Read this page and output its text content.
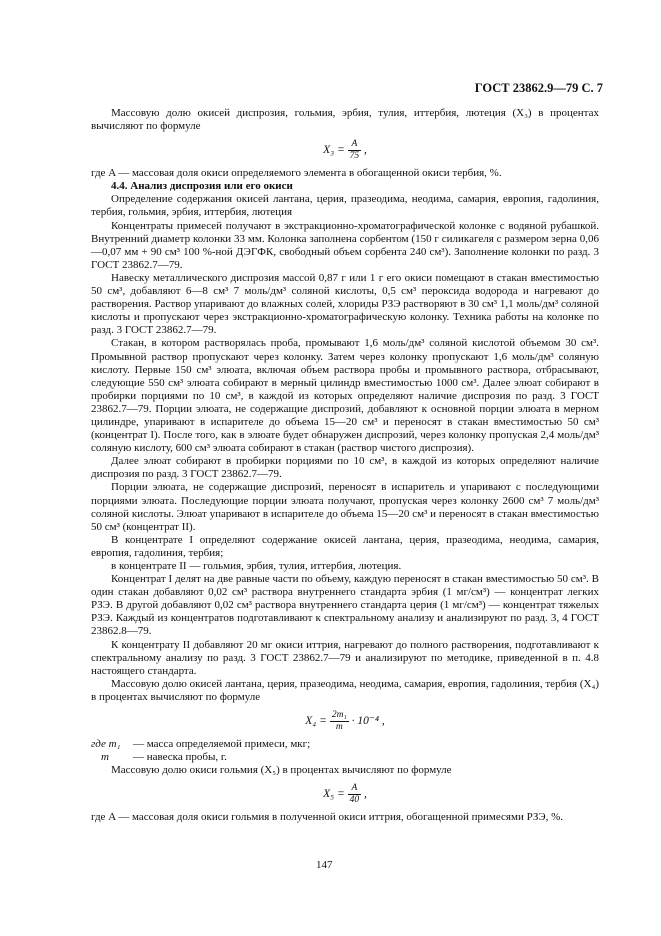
ГОСТ 23862.9—79 С. 7

Массовую долю окисей диспрозия, гольмия, эрбия, тулия, иттербия, лютеция (X₃) в процентах вычисляют по формуле

$X_3 = \frac{A}{75}$ ,

где A — массовая доля окиси определяемого элемента в обогащенной окиси тербия, %.

4.4. Анализ диспрозия или его окиси

Определение содержания окисей лантана, церия, празеодима, неодима, самария, европия, гадолиния, тербия, гольмия, эрбия, иттербия, лютеция

Концентраты примесей получают в экстракционно-хроматографической колонке с водяной рубашкой. Внутренний диаметр колонки 33 мм. Колонка заполнена сорбентом (150 г силикагеля с размером зерна 0,06—0,07 мм + 90 см³ 100 %-ной ДЭГФК, свободный объем сорбента 240 см³). Заполнение колонки по разд. 3 ГОСТ 23862.7—79.

Навеску металлического диспрозия массой 0,87 г или 1 г его окиси помещают в стакан вместимостью 50 см³, добавляют 6—8 см³ 7 моль/дм³ соляной кислоты, 0,5 см³ пероксида водорода и нагревают до растворения. Раствор упаривают до влажных солей, хлориды РЗЭ растворяют в 30 см³ 1,1 моль/дм³ соляной кислоты и пропускают через экстракционно-хроматографическую колонку. Техника работы на колонке по разд. 3 ГОСТ 23862.7—79.

Стакан, в котором растворялась проба, промывают 1,6 моль/дм³ соляной кислотой объемом 30 см³. Промывной раствор пропускают через колонку. Затем через колонку пропускают 1,6 моль/дм³ соляную кислоту. Первые 150 см³ элюата, включая объем раствора пробы и промывного раствора, отбрасывают, следующие 550 см³ элюата собирают в мерный цилиндр вместимостью 1000 см³. Далее элюат собирают в пробирки порциями по 10 см³, в каждой из которых определяют наличие диспрозия по разд. 3 ГОСТ 23862.7—79. Порции элюата, не содержащие диспрозий, добавляют к основной порции элюата в мерном цилиндре, упаривают в испарителе до объема 15—20 см³ и переносят в стакан вместимостью 50 см³ (концентрат I). После того, как в элюате будет обнаружен диспрозий, через колонку пропуская 2,4 моль/дм³ соляную кислоту, 600 см³ элюата собирают в стакан (раствор чистого диспрозия).

Далее элюат собирают в пробирки порциями по 10 см³, в каждой из которых определяют наличие диспрозия по разд. 3 ГОСТ 23862.7—79.

Порции элюата, не содержащие диспрозий, переносят в испаритель и упаривают с последующими порциями элюата. Последующие порции элюата получают, пропуская через колонку 2600 см³ 7 моль/дм³ соляной кислоты. Элюат упаривают в испарителе до объема 15—20 см³ и переносят в стакан вместимостью 50 см³ (концентрат II).

В концентрате I определяют содержание окисей лантана, церия, празеодима, неодима, самария, европия, гадолиния, тербия;

в концентрате II — гольмия, эрбия, тулия, иттербия, лютеция.

Концентрат I делят на две равные части по объему, каждую переносят в стакан вместимостью 50 см³. В один стакан добавляют 0,02 см³ раствора внутреннего стандарта эрбия (1 мг/см³) — концентрат легких РЗЭ. В другой добавляют 0,02 см³ раствора внутреннего стандарта церия (1 мг/см³) — концентрат тяжелых РЗЭ. Каждый из концентратов подготавливают к спектральному анализу и анализируют по разд. 3, 4 ГОСТ 23862.8—79.

К концентрату II добавляют 20 мг окиси иттрия, нагревают до полного растворения, подготавливают к спектральному анализу по разд. 3 ГОСТ 23862.7—79 и анализируют по методике, приведенной в п. 4.8 настоящего стандарта.

Массовую долю окисей лантана, церия, празеодима, неодима, самария, европия, гадолиния, тербия (X₄) в процентах вычисляют по формуле

$X_4 = \frac{\text{2m₁}}{m} \cdot 10^{-4}$ ,
где m₁	— масса определяемой примеси, мкг;
m	— навеска пробы, г.

Массовую долю окиси гольмия (X₅) в процентах вычисляют по формуле

$X_5 = \frac{A}{40}$ ,

где A — массовая доля окиси гольмия в полученной окиси иттрия, обогащенной примесями РЗЭ, %.

147
